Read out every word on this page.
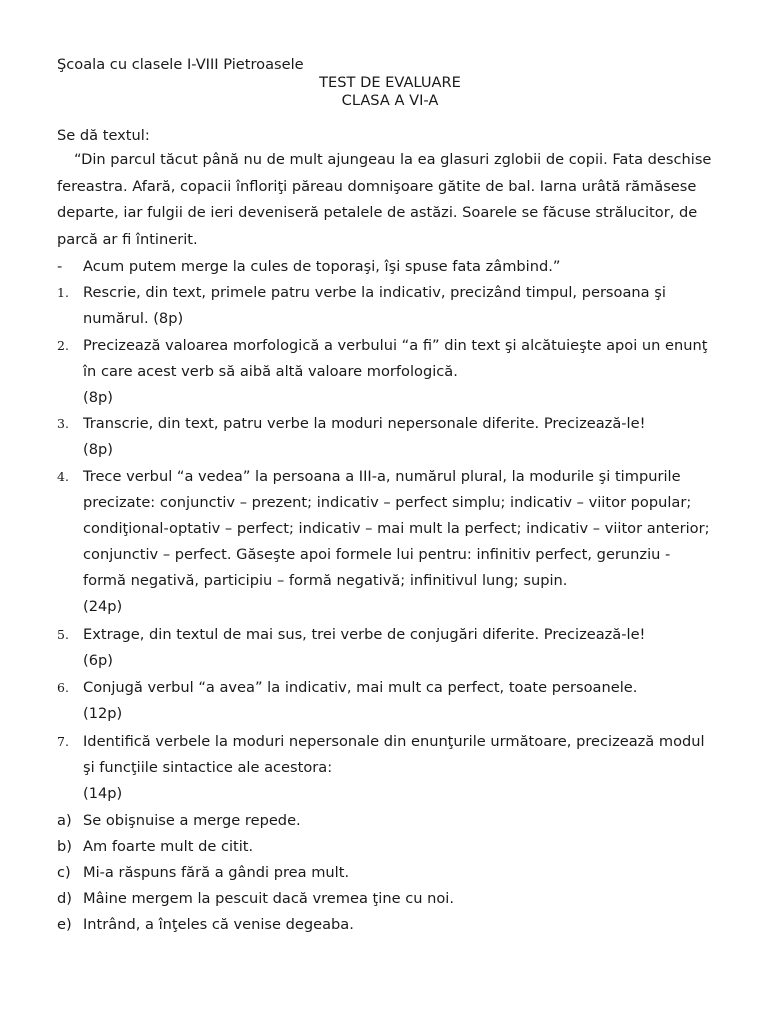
Şcoala cu clasele I-VIII Pietroasele
TEST DE EVALUARE
CLASA A VI-A
Se dă textul:
“Din parcul tăcut până nu de mult ajungeau la ea glasuri zglobii de copii. Fata deschise fereastra. Afară, copacii înfloriţi păreau domnişoare gătite de bal. Iarna urâtă rămăsese departe, iar fulgii de ieri deveniseră petalele de astăzi. Soarele se făcuse strălucitor, de parcă ar fi întinerit.
-	Acum putem merge la cules de toporaşi, îşi spuse fata zâmbind.”
1. Rescrie, din text, primele patru verbe la indicativ, precizând timpul, persoana şi numărul. (8p)
2. Precizează valoarea morfologică a verbului “a fi” din text şi alcătuieşte apoi un enunţ în care acest verb să aibă altă valoare morfologică.
(8p)
3. Transcrie, din text, patru verbe la moduri nepersonale diferite. Precizează-le!
(8p)
4. Trece verbul “a vedea” la persoana a III-a, numărul plural, la modurile şi timpurile precizate: conjunctiv – prezent; indicativ – perfect simplu; indicativ – viitor popular; condiţional-optativ – perfect; indicativ – mai mult la perfect; indicativ – viitor anterior; conjunctiv – perfect. Găseşte apoi formele lui pentru: infinitiv perfect, gerunziu - formă negativă, participiu – formă negativă; infinitivul lung; supin.
(24p)
5. Extrage, din textul de mai sus, trei verbe de conjugări diferite. Precizează-le!
(6p)
6. Conjugă verbul “a avea” la indicativ, mai mult ca perfect, toate persoanele.
(12p)
7. Identifică verbele la moduri nepersonale din enunţurile următoare, precizează modul şi funcţiile sintactice ale acestora:
(14p)
a) Se obişnuise a merge repede.
b) Am foarte mult de citit.
c) Mi-a răspuns fără a gândi prea mult.
d) Mâine mergem la pescuit dacă vremea ţine cu noi.
e) Intrând, a înţeles că venise degeaba.
